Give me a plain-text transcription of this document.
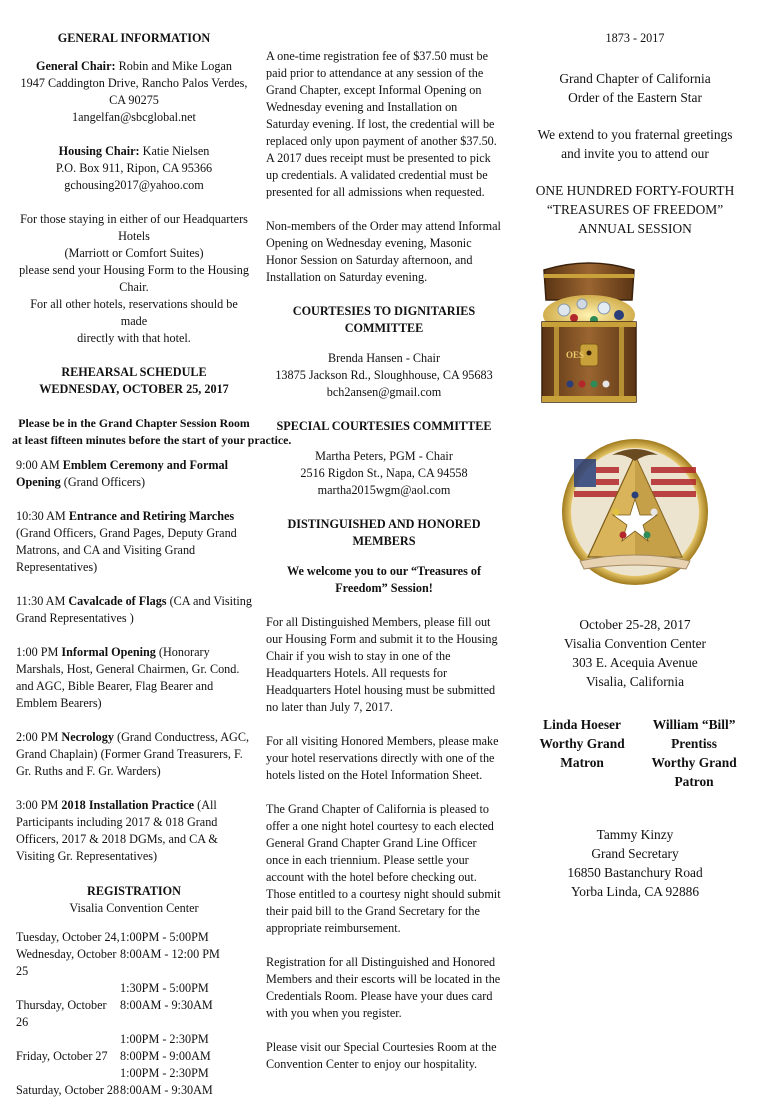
GENERAL INFORMATION

General Chair: Robin and Mike Logan

1947 Caddington Drive, Rancho Palos Verdes, CA 90275

1angelfan@sbcglobal.net

Housing Chair: Katie Nielsen

P.O. Box 911, Ripon, CA 95366

gchousing2017@yahoo.com

For those staying in either of our Headquarters Hotels

(Marriott or Comfort Suites)

please send your Housing Form to the Housing Chair.

For all other hotels, reservations should be made

directly with that hotel.

REHEARSAL SCHEDULE

WEDNESDAY, OCTOBER 25, 2017

Please be in the Grand Chapter Session Room

at least fifteen minutes before the start of your practice.

9:00 AM Emblem Ceremony and Formal Opening (Grand Officers)

10:30 AM Entrance and Retiring Marches (Grand Officers, Grand Pages, Deputy Grand Matrons, and CA and Visiting Grand Representatives)

11:30 AM Cavalcade of Flags (CA and Visiting Grand Representatives )

1:00 PM Informal Opening (Honorary Marshals, Host, General Chairmen, Gr. Cond. and AGC, Bible Bearer, Flag Bearer and Emblem Bearers)

2:00 PM Necrology (Grand Conductress, AGC, Grand Chaplain) (Former Grand Treasurers, F. Gr. Ruths and F. Gr. Warders)

3:00 PM 2018 Installation Practice (All Participants including 2017 & 018 Grand Officers, 2017 & 2018 DGMs, and CA & Visiting Gr. Representatives)

REGISTRATION

Visalia Convention Center

Tuesday, October 24,	1:00PM - 5:00PM
Wednesday, October 25	8:00AM - 12:00 PM
	1:30PM - 5:00PM
Thursday, October 26	8:00AM - 9:30AM
	1:00PM - 2:30PM
Friday, October 27	8:00PM - 9:00AM
	1:00PM - 2:30PM
Saturday, October 28	8:00AM - 9:30AM

A one-time registration fee of $37.50 must be paid prior to attendance at any session of the Grand Chapter, except Informal Opening on Wednesday evening and Installation on Saturday evening. If lost, the credential will be replaced only upon payment of another $37.50. A 2017 dues receipt must be presented to pick up credentials. A validated credential must be presented for all admissions when requested.

Non-members of the Order may attend Informal Opening on Wednesday evening, Masonic Honor Session on Saturday afternoon, and Installation on Saturday evening.

COURTESIES TO DIGNITARIES COMMITTEE

Brenda Hansen - Chair

13875 Jackson Rd., Sloughhouse, CA 95683

bch2ansen@gmail.com

SPECIAL COURTESIES COMMITTEE

Martha Peters, PGM - Chair

2516 Rigdon St., Napa, CA 94558

martha2015wgm@aol.com

DISTINGUISHED AND HONORED MEMBERS

We welcome you to our “Treasures of Freedom” Session!

For all Distinguished Members, please fill out our Housing Form and submit it to the Housing Chair if you wish to stay in one of the Headquarters Hotels. All requests for Headquarters Hotel housing must be submitted no later than July 7, 2017.

For all visiting Honored Members, please make your hotel reservations directly with one of the hotels listed on the Hotel Information Sheet.

The Grand Chapter of California is pleased to offer a one night hotel courtesy to each elected General Grand Chapter Grand Line Officer once in each triennium. Please settle your account with the hotel before checking out. Those entitled to a courtesy night should submit their paid bill to the Grand Secretary for the appropriate reimbursement.

Registration for all Distinguished and Honored Members and their escorts will be located in the Credentials Room. Please have your dues card with you when you register.

Please visit our Special Courtesies Room at the Convention Center to enjoy our hospitality.

1873 - 2017

Grand Chapter of California

Order of the Eastern Star

We extend to you fraternal greetings

and invite you to attend our

ONE HUNDRED FORTY-FOURTH

“TREASURES OF FREEDOM”

ANNUAL SESSION

OES

October 25-28, 2017

Visalia Convention Center

303 E. Acequia Avenue

Visalia, California

Linda Hoeser

Worthy Grand Matron

William “Bill” Prentiss

Worthy Grand Patron

Tammy Kinzy

Grand Secretary

16850 Bastanchury Road

Yorba Linda, CA 92886
